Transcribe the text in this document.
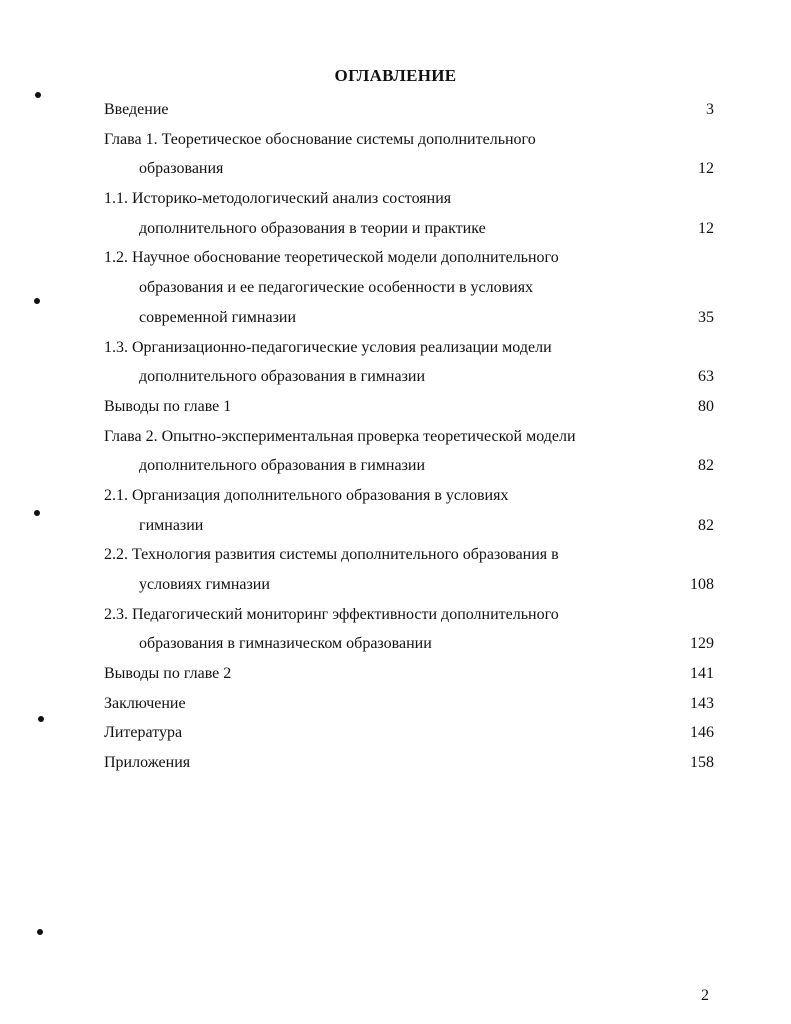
ОГЛАВЛЕНИЕ
Введение	3
Глава 1. Теоретическое обоснование системы дополнительного
образования	12
1.1. Историко-методологический анализ состояния
дополнительного образования в теории и практике	12
1.2. Научное обоснование теоретической модели дополнительного
образования и ее педагогические особенности в условиях
современной гимназии	35
1.3. Организационно-педагогические условия реализации модели
дополнительного образования в гимназии	63
Выводы по главе 1	80
Глава 2. Опытно-экспериментальная проверка теоретической модели
дополнительного образования в гимназии	82
2.1. Организация дополнительного образования в условиях
гимназии	82
2.2. Технология развития системы дополнительного образования в
условиях гимназии	108
2.3. Педагогический мониторинг эффективности дополнительного
образования в гимназическом образовании	129
Выводы по главе 2	141
Заключение	143
Литература	146
Приложения	158
2
